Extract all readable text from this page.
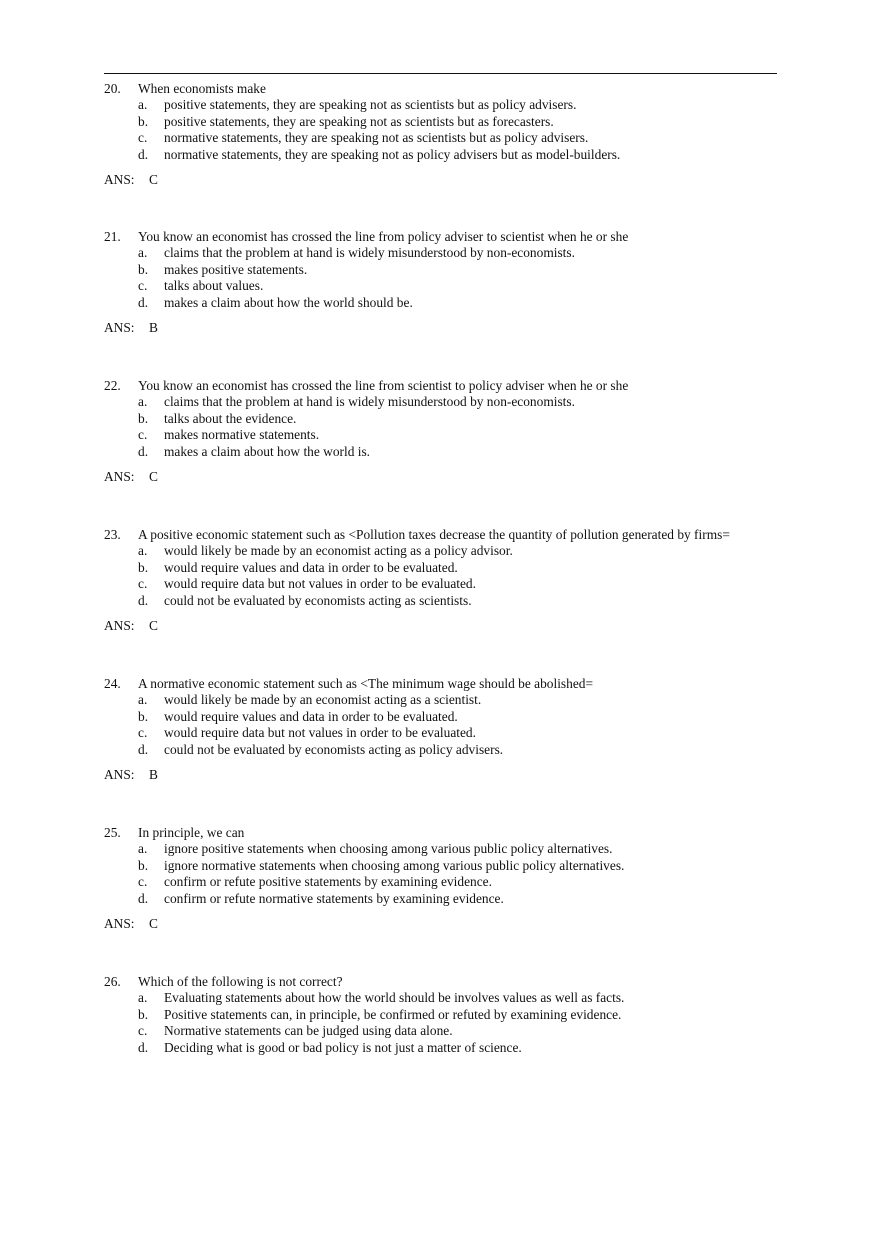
20. When economists make
a. positive statements, they are speaking not as scientists but as policy advisers.
b. positive statements, they are speaking not as scientists but as forecasters.
c. normative statements, they are speaking not as scientists but as policy advisers.
d. normative statements, they are speaking not as policy advisers but as model-builders.
ANS: C
21. You know an economist has crossed the line from policy adviser to scientist when he or she
a. claims that the problem at hand is widely misunderstood by non-economists.
b. makes positive statements.
c. talks about values.
d. makes a claim about how the world should be.
ANS: B
22. You know an economist has crossed the line from scientist to policy adviser when he or she
a. claims that the problem at hand is widely misunderstood by non-economists.
b. talks about the evidence.
c. makes normative statements.
d. makes a claim about how the world is.
ANS: C
23. A positive economic statement such as <Pollution taxes decrease the quantity of pollution generated by firms=
a. would likely be made by an economist acting as a policy advisor.
b. would require values and data in order to be evaluated.
c. would require data but not values in order to be evaluated.
d. could not be evaluated by economists acting as scientists.
ANS: C
24. A normative economic statement such as <The minimum wage should be abolished=
a. would likely be made by an economist acting as a scientist.
b. would require values and data in order to be evaluated.
c. would require data but not values in order to be evaluated.
d. could not be evaluated by economists acting as policy advisers.
ANS: B
25. In principle, we can
a. ignore positive statements when choosing among various public policy alternatives.
b. ignore normative statements when choosing among various public policy alternatives.
c. confirm or refute positive statements by examining evidence.
d. confirm or refute normative statements by examining evidence.
ANS: C
26. Which of the following is not correct?
a. Evaluating statements about how the world should be involves values as well as facts.
b. Positive statements can, in principle, be confirmed or refuted by examining evidence.
c. Normative statements can be judged using data alone.
d. Deciding what is good or bad policy is not just a matter of science.
